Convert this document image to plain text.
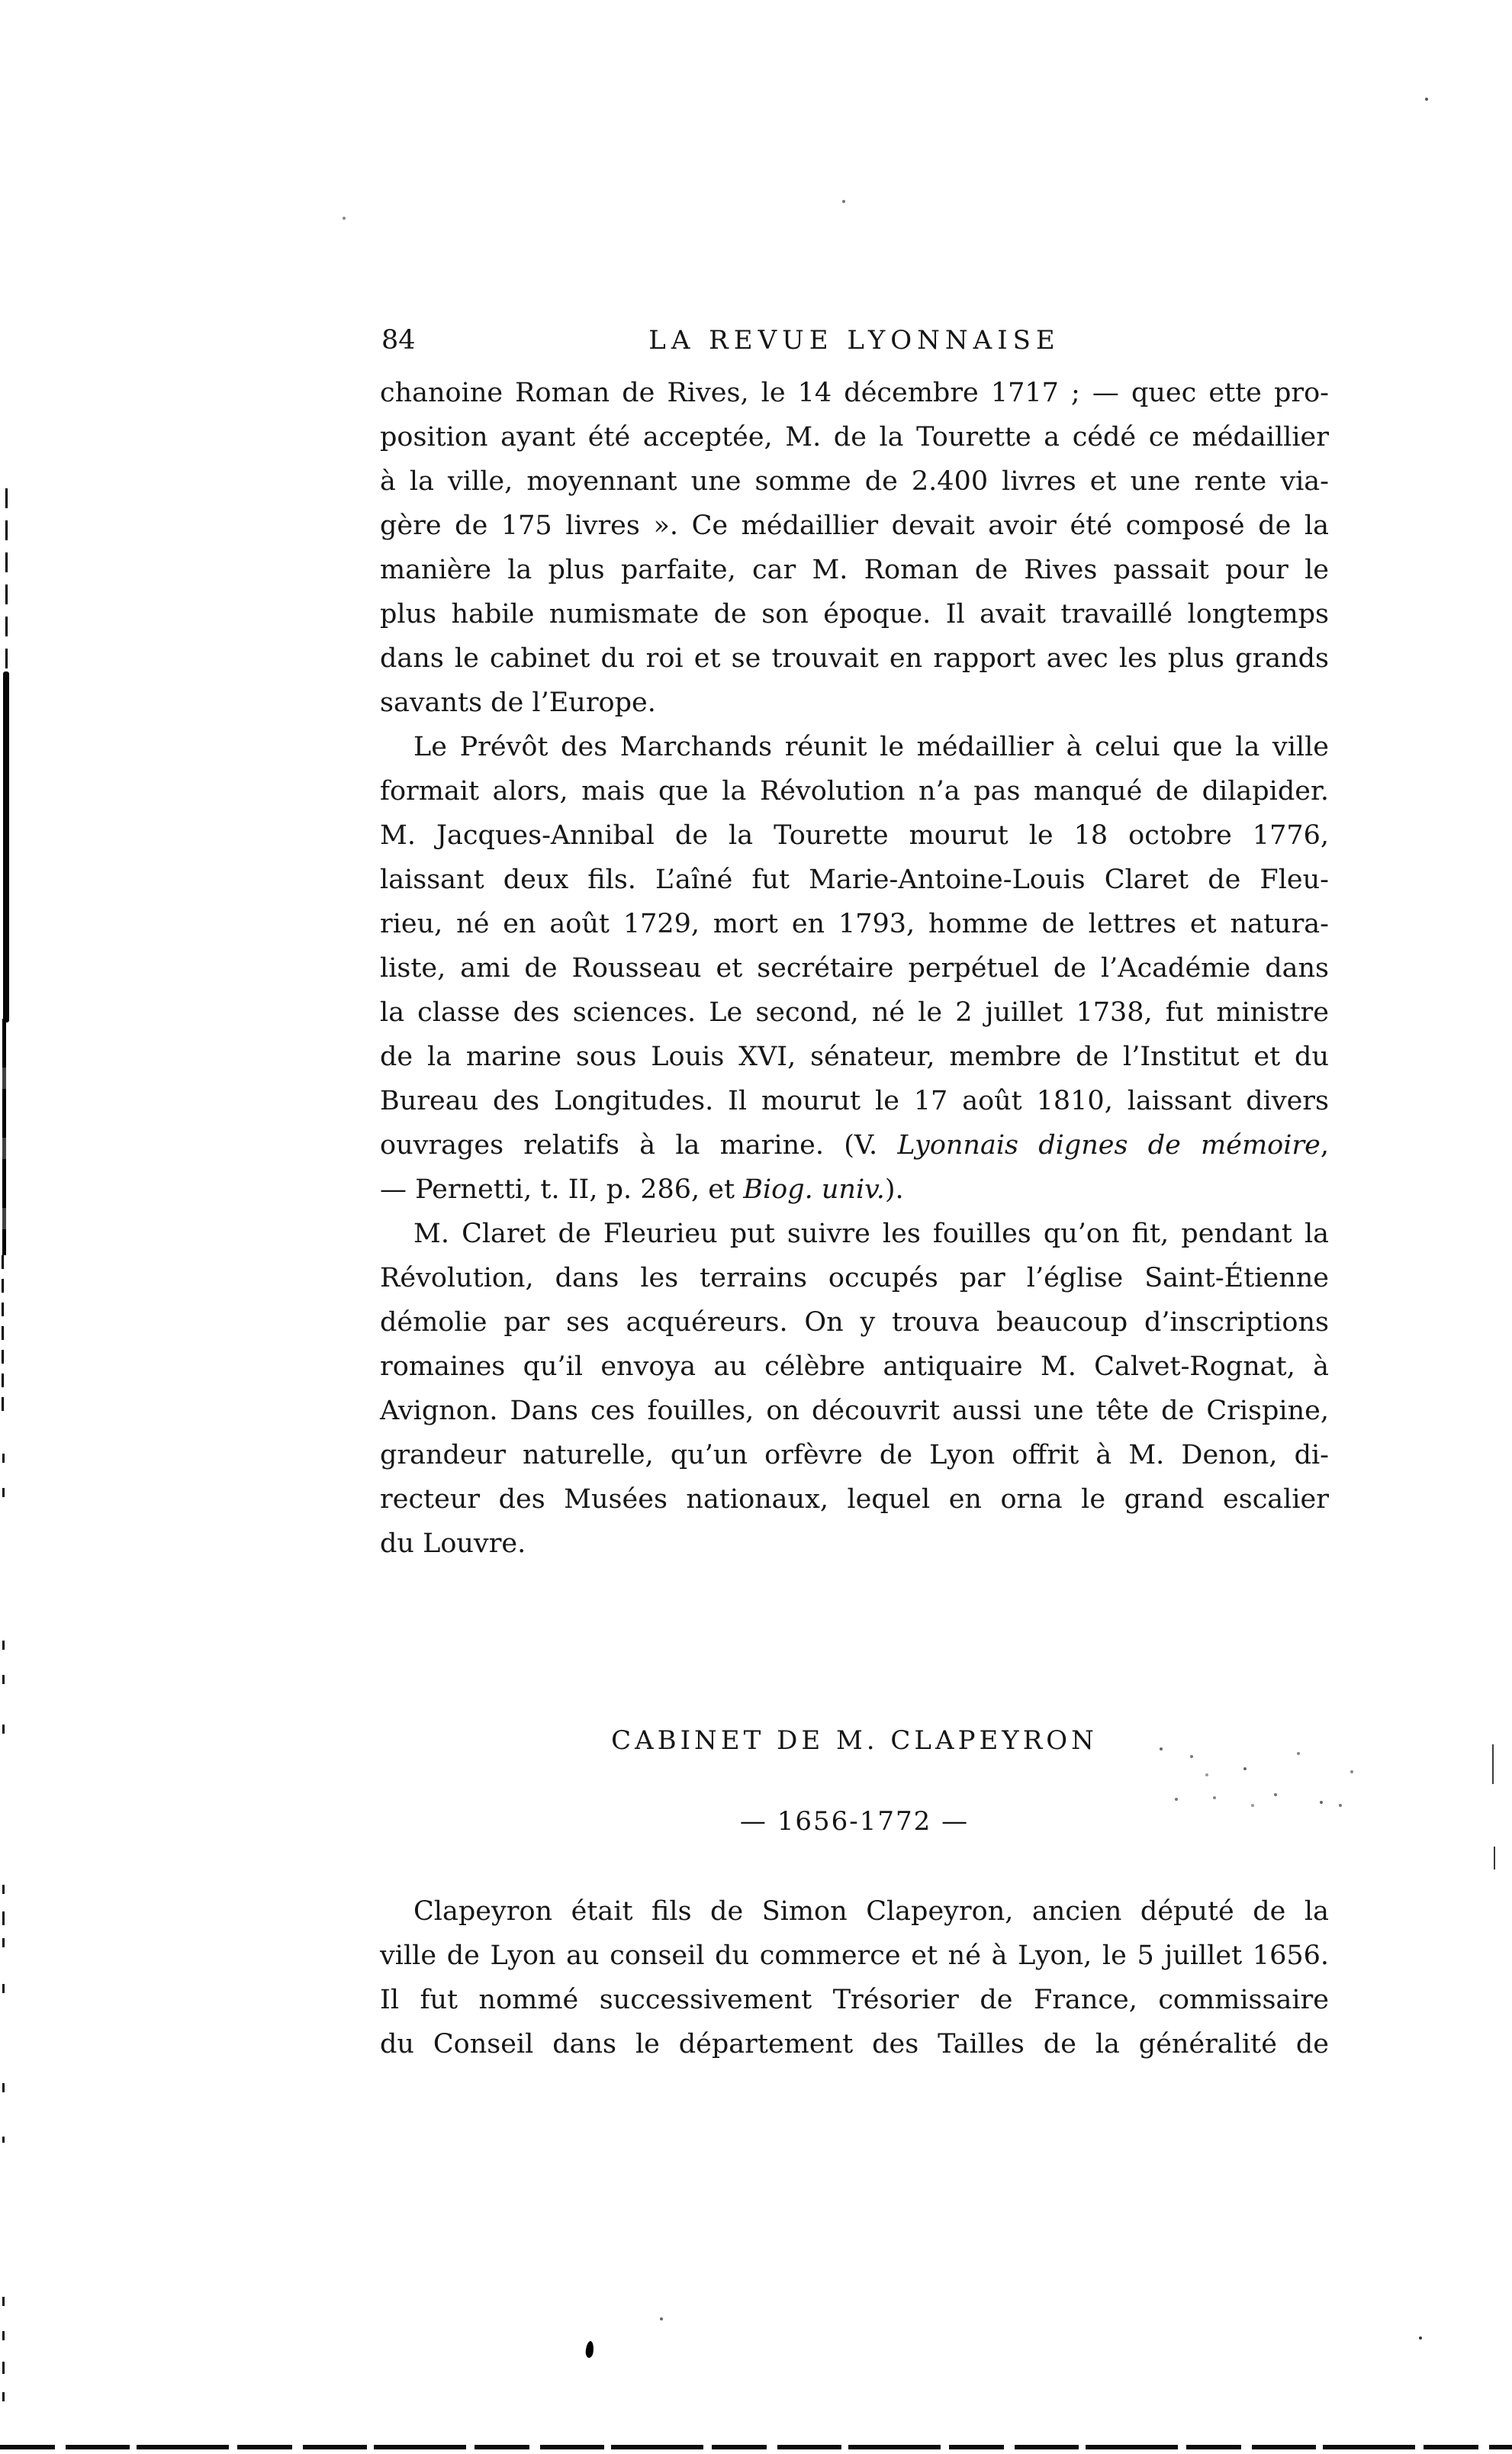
84	LA REVUE LYONNAISE
chanoine Roman de Rives, le 14 décembre 1717 ; — quec ette pro-
position ayant été acceptée, M. de la Tourette a cédé ce médaillier
à la ville, moyennant une somme de 2.400 livres et une rente via-
gère de 175 livres ». Ce médaillier devait avoir été composé de la
manière la plus parfaite, car M. Roman de Rives passait pour le
plus habile numismate de son époque. Il avait travaillé longtemps
dans le cabinet du roi et se trouvait en rapport avec les plus grands
savants de l’Europe.
Le Prévôt des Marchands réunit le médaillier à celui que la ville
formait alors, mais que la Révolution n’a pas manqué de dilapider.
M. Jacques-Annibal de la Tourette mourut le 18 octobre 1776,
laissant deux fils. L’aîné fut Marie-Antoine-Louis Claret de Fleu-
rieu, né en août 1729, mort en 1793, homme de lettres et natura-
liste, ami de Rousseau et secrétaire perpétuel de l’Académie dans
la classe des sciences. Le second, né le 2 juillet 1738, fut ministre
de la marine sous Louis XVI, sénateur, membre de l’Institut et du
Bureau des Longitudes. Il mourut le 17 août 1810, laissant divers
ouvrages relatifs à la marine. (V. Lyonnais dignes de mémoire,
— Pernetti, t. II, p. 286, et Biog. univ.).
M. Claret de Fleurieu put suivre les fouilles qu’on fit, pendant la
Révolution, dans les terrains occupés par l’église Saint-Étienne
démolie par ses acquéreurs. On y trouva beaucoup d’inscriptions
romaines qu’il envoya au célèbre antiquaire M. Calvet-Rognat, à
Avignon. Dans ces fouilles, on découvrit aussi une tête de Crispine,
grandeur naturelle, qu’un orfèvre de Lyon offrit à M. Denon, di-
recteur des Musées nationaux, lequel en orna le grand escalier
du Louvre.
CABINET DE M. CLAPEYRON
— 1656-1772 —
Clapeyron était fils de Simon Clapeyron, ancien député de la
ville de Lyon au conseil du commerce et né à Lyon, le 5 juillet 1656.
Il fut nommé successivement Trésorier de France, commissaire
du Conseil dans le département des Tailles de la généralité de
